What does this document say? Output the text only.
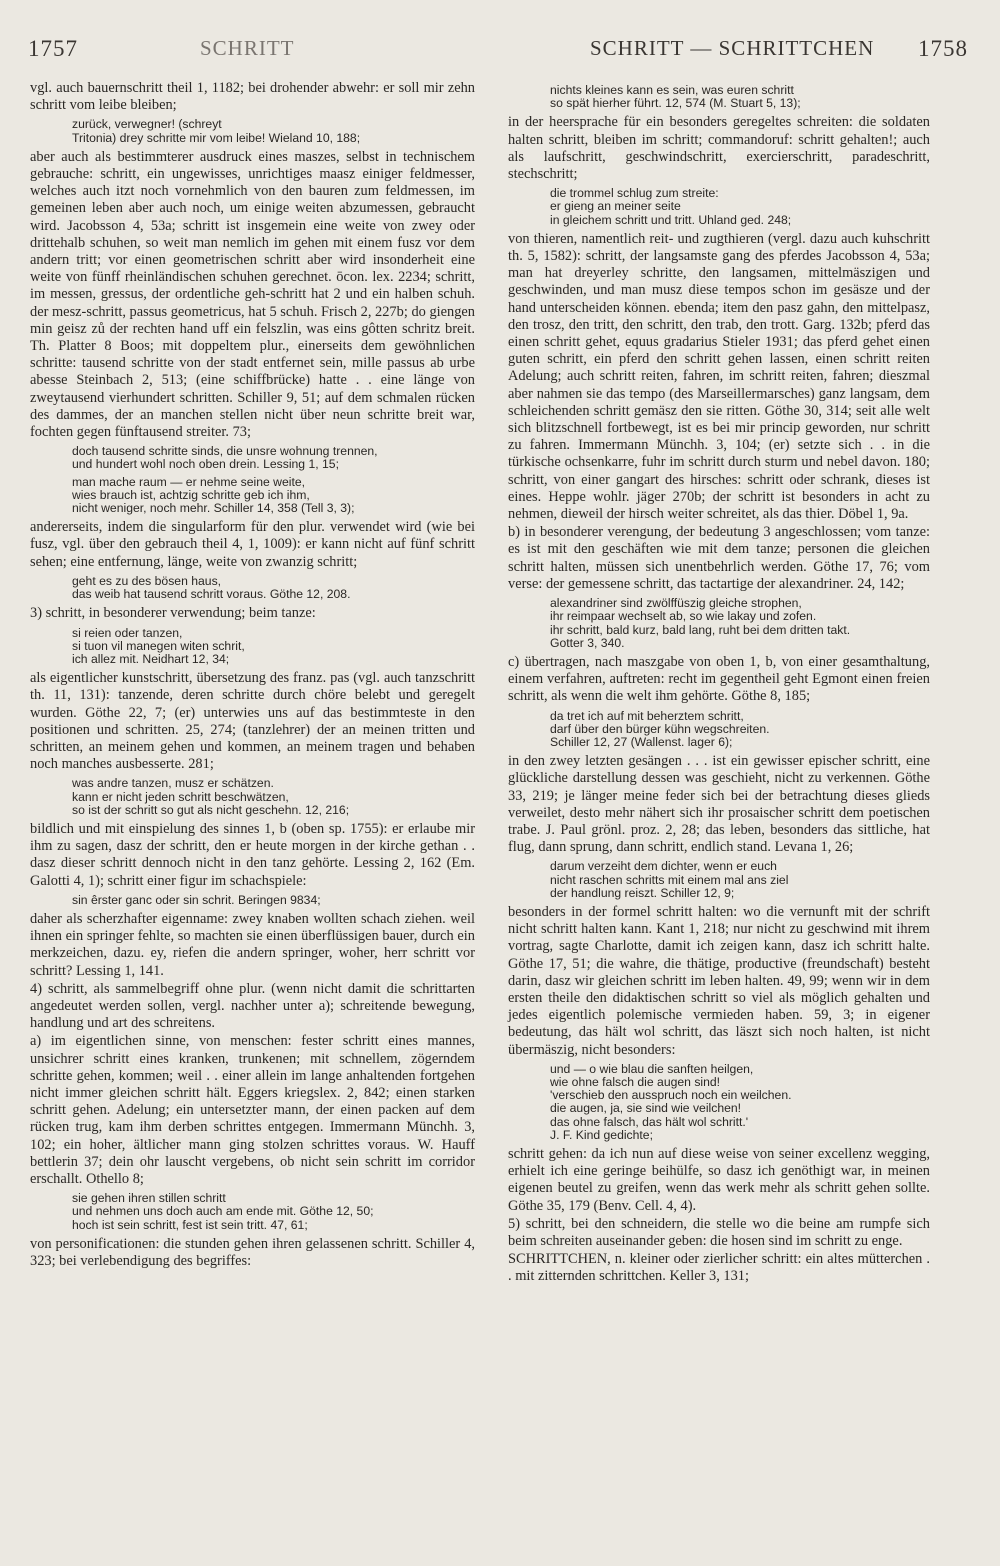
1757	SCHRITT	SCHRITT — SCHRITTCHEN 1758

vgl. auch bauernschritt theil 1, 1182; bei drohender abwehr: er soll mir zehn schritt vom leibe bleiben;

zurück, verwegner! (schreyt
Tritonia) drey schritte mir vom leibe! Wieland 10, 188;

aber auch als bestimmterer ausdruck eines maszes, selbst in technischem gebrauche: schritt, ein ungewisses, unrichtiges maasz einiger feldmesser, welches auch itzt noch vornehmlich von den bauren zum feldmessen, im gemeinen leben aber auch noch, um einige weiten abzumessen, gebraucht wird. Jacobsson 4, 53a; schritt ist insgemein eine weite von zwey oder drittehalb schuhen, so weit man nemlich im gehen mit einem fusz vor dem andern tritt; vor einen geometrischen schritt aber wird insonderheit eine weite von fünff rheinländischen schuhen gerechnet. ōcon. lex. 2234; schritt, im messen, gressus, der ordentliche geh-schritt hat 2 und ein halben schuh. der mesz-schritt, passus geometricus, hat 5 schuh. Frisch 2, 227b; do giengen min geisz zů der rechten hand uff ein felszlin, was eins gôtten schritz breit. Th. Platter 8 Boos; mit doppeltem plur., einerseits dem gewöhnlichen schritte: tausend schritte von der stadt entfernet sein, mille passus ab urbe abesse Steinbach 2, 513; (eine schiffbrücke) hatte . . eine länge von zweytausend vierhundert schritten. Schiller 9, 51; auf dem schmalen rücken des dammes, der an manchen stellen nicht über neun schritte breit war, fochten gegen fünftausend streiter. 73;

doch tausend schritte sinds, die unsre wohnung trennen,
und hundert wohl noch oben drein. Lessing 1, 15;
man mache raum — er nehme seine weite,
wies brauch ist, achtzig schritte geb ich ihm,
nicht weniger, noch mehr. Schiller 14, 358 (Tell 3, 3);

andererseits, indem die singularform für den plur. verwendet wird (wie bei fusz, vgl. über den gebrauch theil 4, 1, 1009): er kann nicht auf fünf schritt sehen; eine entfernung, länge, weite von zwanzig schritt;

geht es zu des bösen haus,
das weib hat tausend schritt voraus. Göthe 12, 208.

3) schritt, in besonderer verwendung; beim tanze:

si reien oder tanzen,
si tuon vil manegen witen schrit,
ich allez mit. Neidhart 12, 34;

als eigentlicher kunstschritt, übersetzung des franz. pas (vgl. auch tanzschritt th. 11, 131): tanzende, deren schritte durch chöre belebt und geregelt wurden. Göthe 22, 7; (er) unterwies uns auf das bestimmteste in den positionen und schritten. 25, 274; (tanzlehrer) der an meinen tritten und schritten, an meinem gehen und kommen, an meinem tragen und behaben noch manches ausbesserte. 281;

was andre tanzen, musz er schätzen.
kann er nicht jeden schritt beschwätzen,
so ist der schritt so gut als nicht geschehn. 12, 216;

bildlich und mit einspielung des sinnes 1, b (oben sp. 1755): er erlaube mir ihm zu sagen, dasz der schritt, den er heute morgen in der kirche gethan . . dasz dieser schritt dennoch nicht in den tanz gehörte. Lessing 2, 162 (Em. Galotti 4, 1); schritt einer figur im schachspiele:

sin êrster ganc oder sin schrit. Beringen 9834;

daher als scherzhafter eigenname: zwey knaben wollten schach ziehen. weil ihnen ein springer fehlte, so machten sie einen überflüssigen bauer, durch ein merkzeichen, dazu. ey, riefen die andern springer, woher, herr schritt vor schritt? Lessing 1, 141.

4) schritt, als sammelbegriff ohne plur. (wenn nicht damit die schrittarten angedeutet werden sollen, vergl. nachher unter a); schreitende bewegung, handlung und art des schreitens.

a) im eigentlichen sinne, von menschen: fester schritt eines mannes, unsichrer schritt eines kranken, trunkenen; mit schnellem, zögerndem schritte gehen, kommen; weil . . einer allein im lange anhaltenden fortgehen nicht immer gleichen schritt hält. Eggers kriegslex. 2, 842; einen starken schritt gehen. Adelung; ein untersetzter mann, der einen packen auf dem rücken trug, kam ihm derben schrittes entgegen. Immermann Münchh. 3, 102; ein hoher, ältlicher mann ging stolzen schrittes voraus. W. Hauff bettlerin 37; dein ohr lauscht vergebens, ob nicht sein schritt im corridor erschallt. Othello 8;

sie gehen ihren stillen schritt
und nehmen uns doch auch am ende mit. Göthe 12, 50;
hoch ist sein schritt, fest ist sein tritt. 47, 61;

von personificationen: die stunden gehen ihren gelassenen schritt. Schiller 4, 323; bei verlebendigung des begriffes:

nichts kleines kann es sein, was euren schritt
so spät hierher führt. 12, 574 (M. Stuart 5, 13);

in der heersprache für ein besonders geregeltes schreiten: die soldaten halten schritt, bleiben im schritt; commandoruf: schritt gehalten!; auch als laufschritt, geschwindschritt, exercierschritt, paradeschritt, stechschritt;

die trommel schlug zum streite:
er gieng an meiner seite
in gleichem schritt und tritt. Uhland ged. 248;

von thieren, namentlich reit- und zugthieren (vergl. dazu auch kuhschritt th. 5, 1582): schritt, der langsamste gang des pferdes Jacobsson 4, 53a; man hat dreyerley schritte, den langsamen, mittelmäszigen und geschwinden, und man musz diese tempos schon im gesäsze und der hand unterscheiden können. ebenda; item den pasz gahn, den mittelpasz, den trosz, den tritt, den schritt, den trab, den trott. Garg. 132b; pferd das einen schritt gehet, equus gradarius Stieler 1931; das pferd gehet einen guten schritt, ein pferd den schritt gehen lassen, einen schritt reiten Adelung; auch schritt reiten, fahren, im schritt reiten, fahren; dieszmal aber nahmen sie das tempo (des Marseillermarsches) ganz langsam, dem schleichenden schritt gemäsz den sie ritten. Göthe 30, 314; seit alle welt sich blitzschnell fortbewegt, ist es bei mir princip geworden, nur schritt zu fahren. Immermann Münchh. 3, 104; (er) setzte sich . . in die türkische ochsenkarre, fuhr im schritt durch sturm und nebel davon. 180; schritt, von einer gangart des hirsches: schritt oder schrank, dieses ist eines. Heppe wohlr. jäger 270b; der schritt ist besonders in acht zu nehmen, dieweil der hirsch weiter schreitet, als das thier. Döbel 1, 9a.

b) in besonderer verengung, der bedeutung 3 angeschlossen; vom tanze: es ist mit den geschäften wie mit dem tanze; personen die gleichen schritt halten, müssen sich unentbehrlich werden. Göthe 17, 76; vom verse: der gemessene schritt, das tactartige der alexandriner. 24, 142;

alexandriner sind zwölffüszig gleiche strophen,
ihr reimpaar wechselt ab, so wie lakay und zofen.
ihr schritt, bald kurz, bald lang, ruht bei dem dritten takt.
Gotter 3, 340.

c) übertragen, nach maszgabe von oben 1, b, von einer gesamthaltung, einem verfahren, auftreten: recht im gegentheil geht Egmont einen freien schritt, als wenn die welt ihm gehörte. Göthe 8, 185;

da tret ich auf mit beherztem schritt,
darf über den bürger kühn wegschreiten.
Schiller 12, 27 (Wallenst. lager 6);

in den zwey letzten gesängen . . . ist ein gewisser epischer schritt, eine glückliche darstellung dessen was geschieht, nicht zu verkennen. Göthe 33, 219; je länger meine feder sich bei der betrachtung dieses glieds verweilet, desto mehr nähert sich ihr prosaischer schritt dem poetischen trabe. J. Paul grönl. proz. 2, 28; das leben, besonders das sittliche, hat flug, dann sprung, dann schritt, endlich stand. Levana 1, 26;

darum verzeiht dem dichter, wenn er euch
nicht raschen schritts mit einem mal ans ziel
der handlung reiszt. Schiller 12, 9;

besonders in der formel schritt halten: wo die vernunft mit der schrift nicht schritt halten kann. Kant 1, 218; nur nicht zu geschwind mit ihrem vortrag, sagte Charlotte, damit ich zeigen kann, dasz ich schritt halte. Göthe 17, 51; die wahre, die thätige, productive (freundschaft) besteht darin, dasz wir gleichen schritt im leben halten. 49, 99; wenn wir in dem ersten theile den didaktischen schritt so viel als möglich gehalten und jedes eigentlich polemische vermieden haben. 59, 3; in eigener bedeutung, das hält wol schritt, das läszt sich noch halten, ist nicht übermäszig, nicht besonders:

und — o wie blau die sanften heilgen,
wie ohne falsch die augen sind!
'verschieb den ausspruch noch ein weilchen.
die augen, ja, sie sind wie veilchen!
das ohne falsch, das hält wol schritt.'
J. F. Kind gedichte;

schritt gehen: da ich nun auf diese weise von seiner excellenz wegging, erhielt ich eine geringe beihülfe, so dasz ich genöthigt war, in meinen eigenen beutel zu greifen, wenn das werk mehr als schritt gehen sollte. Göthe 35, 179 (Benv. Cell. 4, 4).

5) schritt, bei den schneidern, die stelle wo die beine am rumpfe sich beim schreiten auseinander geben: die hosen sind im schritt zu enge.

SCHRITTCHEN, n. kleiner oder zierlicher schritt: ein altes mütterchen . . mit zitternden schrittchen. Keller 3, 131;
